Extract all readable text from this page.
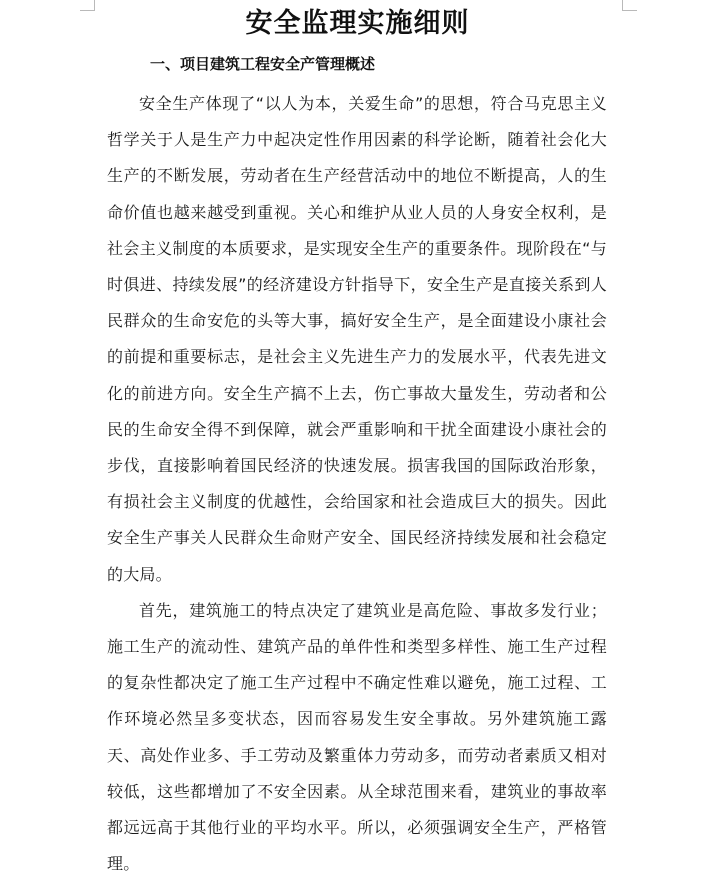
安全监理实施细则
一、项目建筑工程安全产管理概述

安全生产体现了“以人为本，关爱生命”的思想，符合马克思主义哲学关于人是生产力中起决定性作用因素的科学论断，随着社会化大生产的不断发展，劳动者在生产经营活动中的地位不断提高，人的生命价值也越来越受到重视。关心和维护从业人员的人身安全权利，是社会主义制度的本质要求，是实现安全生产的重要条件。现阶段在“与时俱进、持续发展”的经济建设方针指导下，安全生产是直接关系到人民群众的生命安危的头等大事，搞好安全生产，是全面建设小康社会的前提和重要标志，是社会主义先进生产力的发展水平，代表先进文化的前进方向。安全生产搞不上去，伤亡事故大量发生，劳动者和公民的生命安全得不到保障，就会严重影响和干扰全面建设小康社会的步伐，直接影响着国民经济的快速发展。损害我国的国际政治形象，有损社会主义制度的优越性，会给国家和社会造成巨大的损失。因此安全生产事关人民群众生命财产安全、国民经济持续发展和社会稳定的大局。

首先，建筑施工的特点决定了建筑业是高危险、事故多发行业；施工生产的流动性、建筑产品的单件性和类型多样性、施工生产过程的复杂性都决定了施工生产过程中不确定性难以避免，施工过程、工作环境必然呈多变状态，因而容易发生安全事故。另外建筑施工露天、高处作业多、手工劳动及繁重体力劳动多，而劳动者素质又相对较低，这些都增加了不安全因素。从全球范围来看，建筑业的事故率都远远高于其他行业的平均水平。所以，必须强调安全生产，严格管理。
